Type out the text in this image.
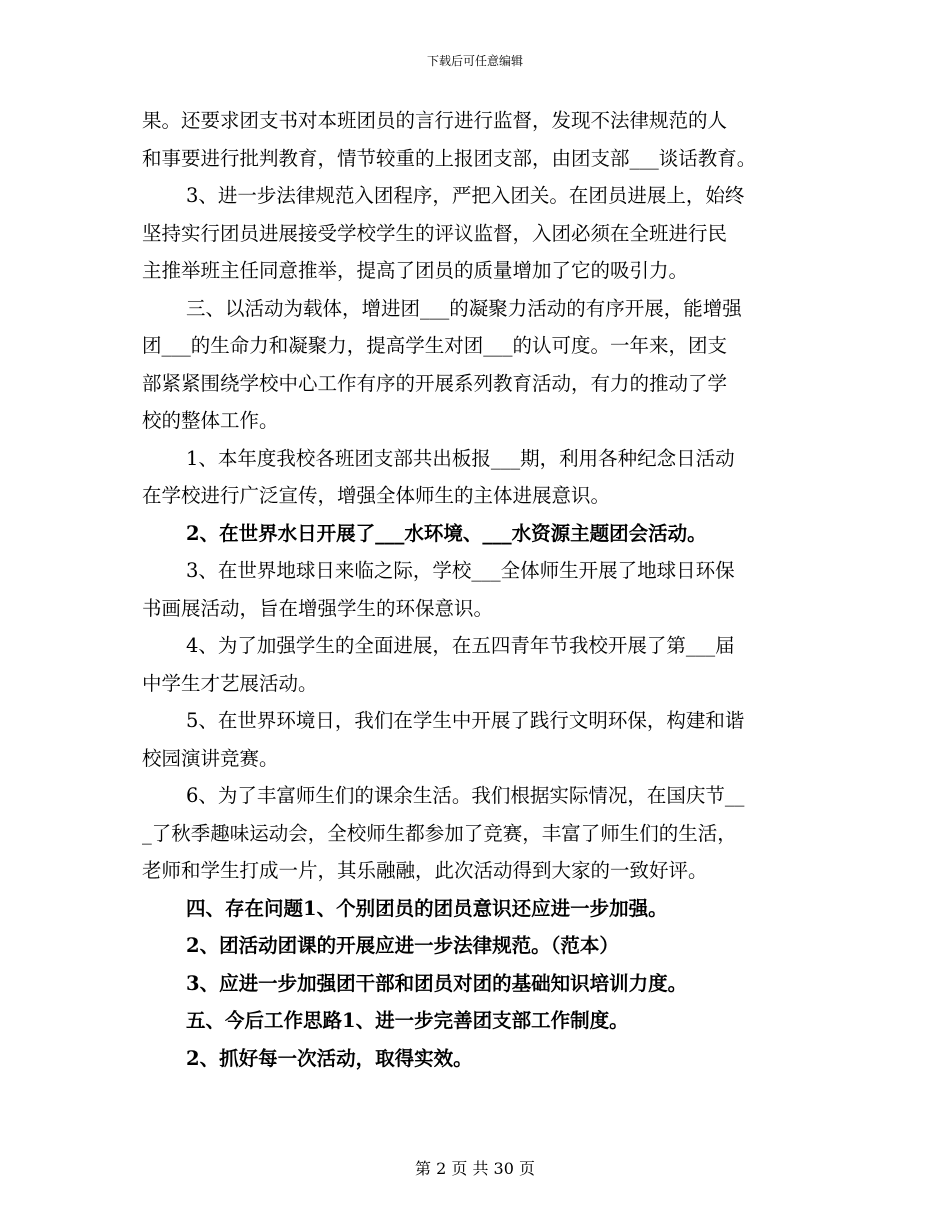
下载后可任意编辑
果。还要求团支书对本班团员的言行进行监督，发现不法律规范的人
和事要进行批判教育，情节较重的上报团支部，由团支部___谈话教育。
3、进一步法律规范入团程序，严把入团关。在团员进展上，始终
坚持实行团员进展接受学校学生的评议监督，入团必须在全班进行民
主推举班主任同意推举，提高了团员的质量增加了它的吸引力。
三、以活动为载体，增进团___的凝聚力活动的有序开展，能增强
团___的生命力和凝聚力，提高学生对团___的认可度。一年来，团支
部紧紧围绕学校中心工作有序的开展系列教育活动，有力的推动了学
校的整体工作。
1、本年度我校各班团支部共出板报___期，利用各种纪念日活动
在学校进行广泛宣传，增强全体师生的主体进展意识。
2、在世界水日开展了___水环境、___水资源主题团会活动。
3、在世界地球日来临之际，学校___全体师生开展了地球日环保
书画展活动，旨在增强学生的环保意识。
4、为了加强学生的全面进展，在五四青年节我校开展了第___届
中学生才艺展活动。
5、在世界环境日，我们在学生中开展了践行文明环保，构建和谐
校园演讲竞赛。
6、为了丰富师生们的课余生活。我们根据实际情况，在国庆节__
_了秋季趣味运动会，全校师生都参加了竞赛，丰富了师生们的生活，
老师和学生打成一片，其乐融融，此次活动得到大家的一致好评。
四、存在问题1、个别团员的团员意识还应进一步加强。
2、团活动团课的开展应进一步法律规范。（范本）
3、应进一步加强团干部和团员对团的基础知识培训力度。
五、今后工作思路1、进一步完善团支部工作制度。
2、抓好每一次活动，取得实效。
第 2 页 共 30 页
